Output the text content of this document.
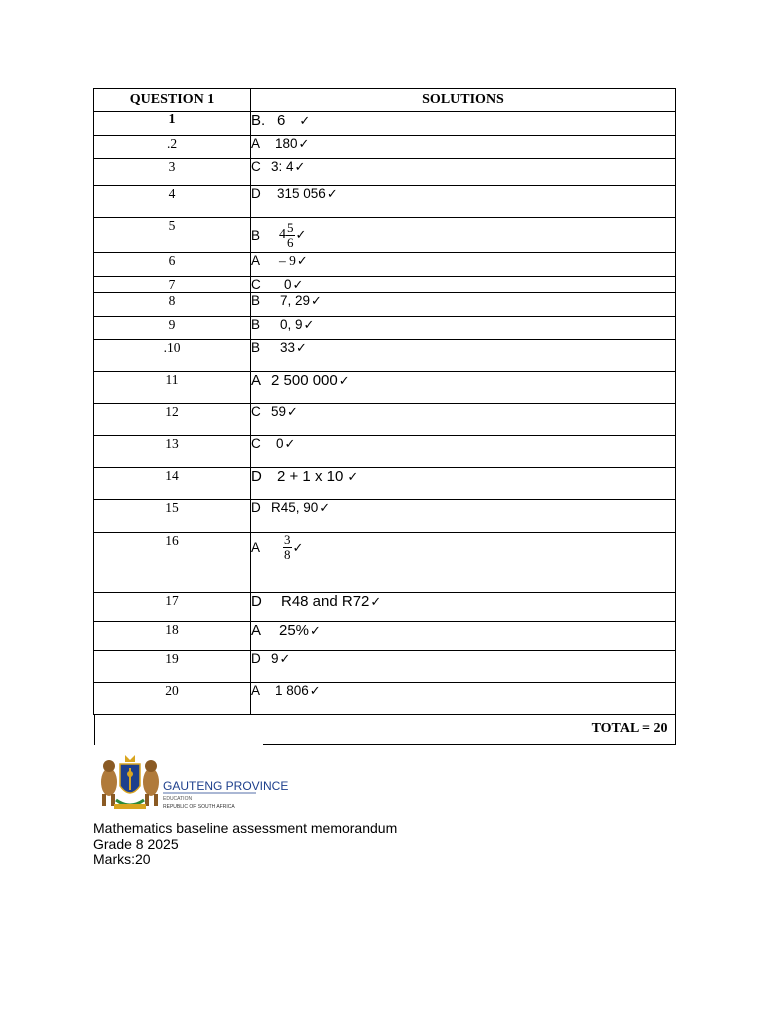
QUESTION 1	SOLUTIONS
1	B. 6 ✓
.2	A 180✓
3	C 3: 4✓
4	D 315 056✓
5	B $4 \frac{5}{6}$ ✓
6	A – 9✓
7	C 0✓
8	B 7, 29✓
9	B 0, 9✓
.10	B 33✓
11	A 2 500 000✓
12	C 59✓
13	C 0✓
14	D 2 + 1 x 10 ✓
15	D R45, 90✓
16	A $\frac{3}{8}$ ✓
17	D R48 and R72✓
18	A 25%✓
19	D 9✓
20	A 1 806✓

TOTAL = 20	
GAUTENG PROVINCE
EDUCATION
REPUBLIC OF SOUTH AFRICA
Mathematics baseline assessment memorandum
Grade 8 2025
Marks:20
